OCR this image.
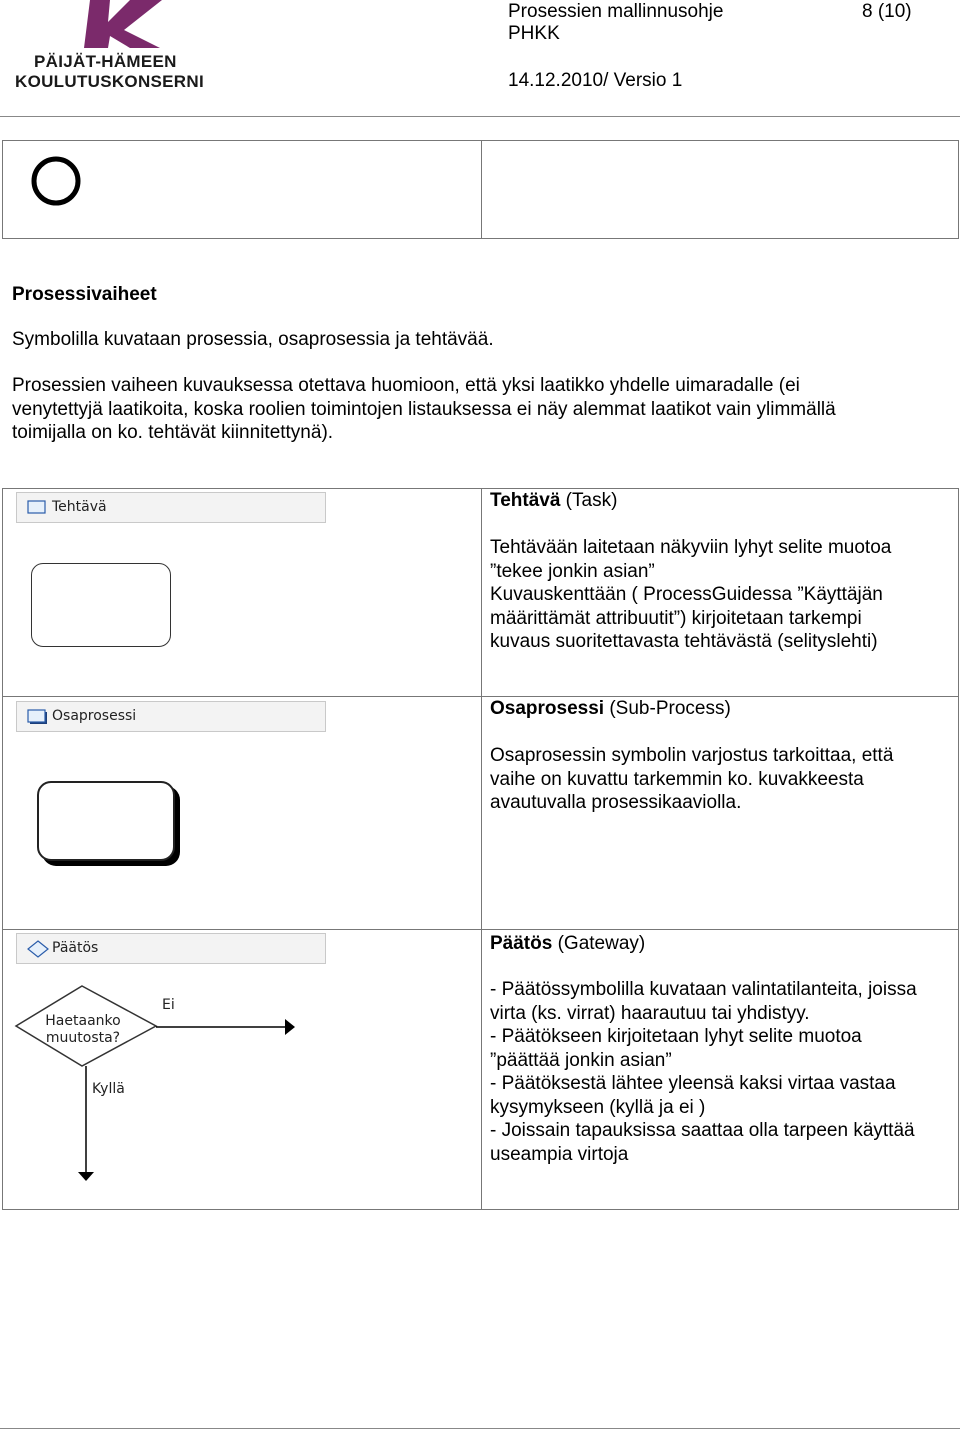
PÄIJÄT-HÄMEEN
KOULUTUSKONSERNI
Prosessien mallinnusohje
PHKK
14.12.2010/ Versio 1
8 (10)
Prosessivaiheet
Symbolilla kuvataan prosessia, osaprosessia ja tehtävää.
Prosessien vaiheen kuvauksessa otettava huomioon, että yksi laatikko yhdelle uimaradalle (ei
venytettyjä laatikoita, koska roolien toimintojen listauksessa ei näy alemmat laatikot vain ylimmällä
toimijalla on ko. tehtävät kiinnitettynä).
Tehtävä	Tehtävä (Task)
Tehtävään laitetaan näkyviin lyhyt selite muotoa
”tekee jonkin asian”
Kuvauskenttään ( ProcessGuidessa ”Käyttäjän
määrittämät attribuutit”) kirjoitetaan tarkempi
kuvaus suoritettavasta tehtävästä (selityslehti)
Osaprosessi	Osaprosessi (Sub-Process)
Osaprosessin symbolin varjostus tarkoittaa, että
vaihe on kuvattu tarkemmin ko. kuvakkeesta
avautuvalla prosessikaaviolla.
Päätös
Haetaanko
muutosta?
Ei
Kyllä
Päätös (Gateway)
- Päätössymbolilla kuvataan valintatilanteita, joissa
virta (ks. virrat) haarautuu tai yhdistyy.
- Päätökseen kirjoitetaan lyhyt selite muotoa
”päättää jonkin asian”
- Päätöksestä lähtee yleensä kaksi virtaa vastaa
kysymykseen (kyllä ja ei )
- Joissain tapauksissa saattaa olla tarpeen käyttää
useampia virtoja
